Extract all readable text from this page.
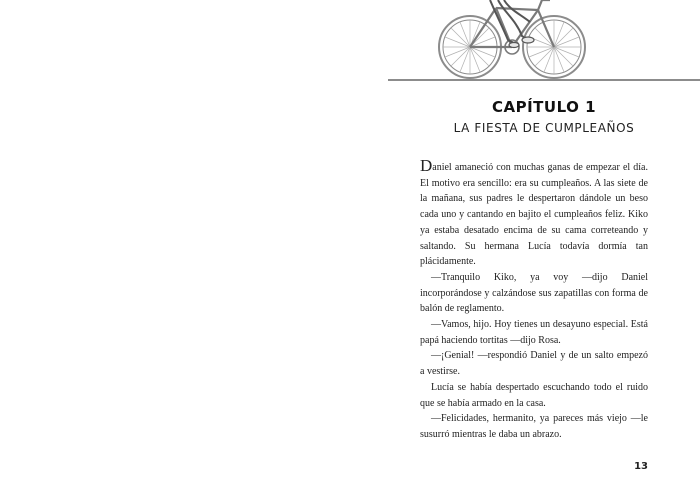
CAPÍTULO 1
LA FIESTA DE CUMPLEAÑOS

Daniel amaneció con muchas ganas de empezar el día. El motivo era sencillo: era su cumpleaños. A las siete de la mañana, sus padres le despertaron dándole un beso cada uno y cantando en bajito el cumpleaños feliz. Kiko ya estaba desatado encima de su cama correteando y saltando. Su hermana Lucía todavía dormía tan plácidamente.

—Tranquilo Kiko, ya voy —dijo Daniel incorporándose y calzándose sus zapatillas con forma de balón de reglamento.

—Vamos, hijo. Hoy tienes un desayuno especial. Está papá haciendo tortitas —dijo Rosa.

—¡Genial! —respondió Daniel y de un salto empezó a vestirse.

Lucía se había despertado escuchando todo el ruido que se había armado en la casa.

—Felicidades, hermanito, ya pareces más viejo —le susurró mientras le daba un abrazo.

13
